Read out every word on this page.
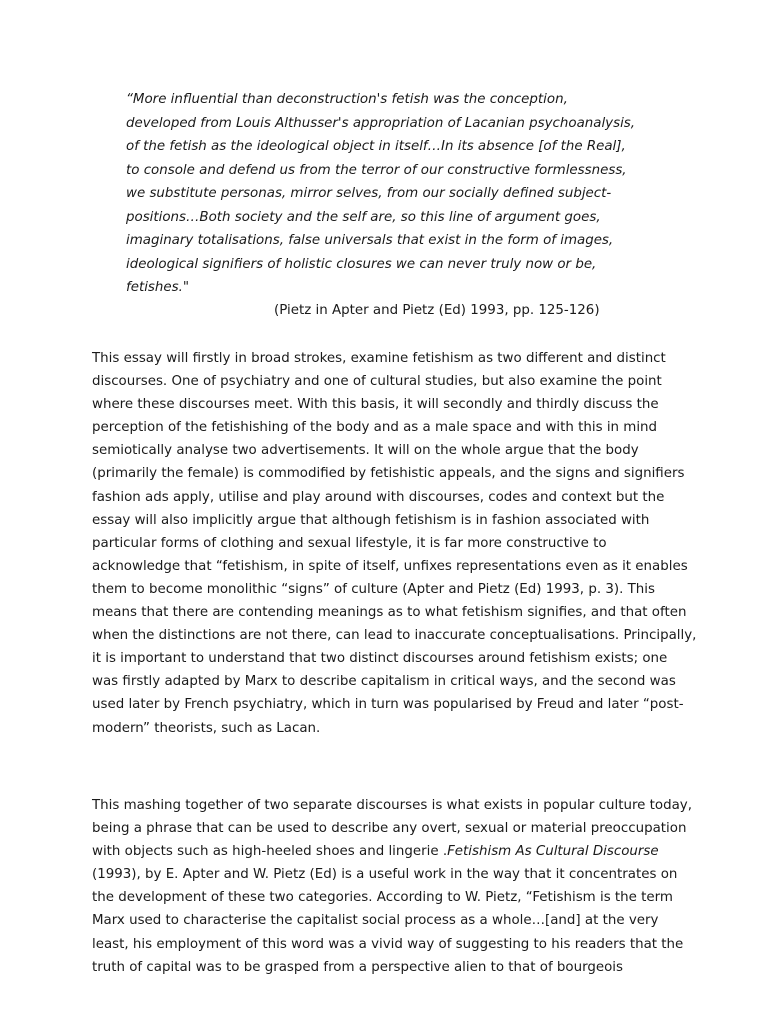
“More influential than deconstruction's fetish was the conception,
developed from Louis Althusser's appropriation of Lacanian psychoanalysis,
of the fetish as the ideological object in itself…In its absence [of the Real],
to console and defend us from the terror of our constructive formlessness,
we substitute personas, mirror selves, from our socially defined subject-
positions…Both society and the self are, so this line of argument goes,
imaginary totalisations, false universals that exist in the form of images,
ideological signifiers of holistic closures we can never truly now or be,
fetishes."
(Pietz in Apter and Pietz (Ed) 1993, pp. 125-126)
This essay will firstly in broad strokes, examine fetishism as two different and distinct
discourses. One of psychiatry and one of cultural studies, but also examine the point
where these discourses meet. With this basis, it will secondly and thirdly discuss the
perception of the fetishishing of the body and as a male space and with this in mind
semiotically analyse two advertisements. It will on the whole argue that the body
(primarily the female) is commodified by fetishistic appeals, and the signs and signifiers
fashion ads apply, utilise and play around with discourses, codes and context but the
essay will also implicitly argue that although fetishism is in fashion associated with
particular forms of clothing and sexual lifestyle, it is far more constructive to
acknowledge that “fetishism, in spite of itself, unfixes representations even as it enables
them to become monolithic “signs” of culture (Apter and Pietz (Ed) 1993, p. 3). This
means that there are contending meanings as to what fetishism signifies, and that often
when the distinctions are not there, can lead to inaccurate conceptualisations. Principally,
it is important to understand that two distinct discourses around fetishism exists; one
was firstly adapted by Marx to describe capitalism in critical ways, and the second was
used later by French psychiatry, which in turn was popularised by Freud and later “post-
modern” theorists, such as Lacan.
This mashing together of two separate discourses is what exists in popular culture today,
being a phrase that can be used to describe any overt, sexual or material preoccupation
with objects such as high-heeled shoes and lingerie .Fetishism As Cultural Discourse
(1993), by E. Apter and W. Pietz (Ed) is a useful work in the way that it concentrates on
the development of these two categories. According to W. Pietz, “Fetishism is the term
Marx used to characterise the capitalist social process as a whole…[and] at the very
least, his employment of this word was a vivid way of suggesting to his readers that the
truth of capital was to be grasped from a perspective alien to that of bourgeois
